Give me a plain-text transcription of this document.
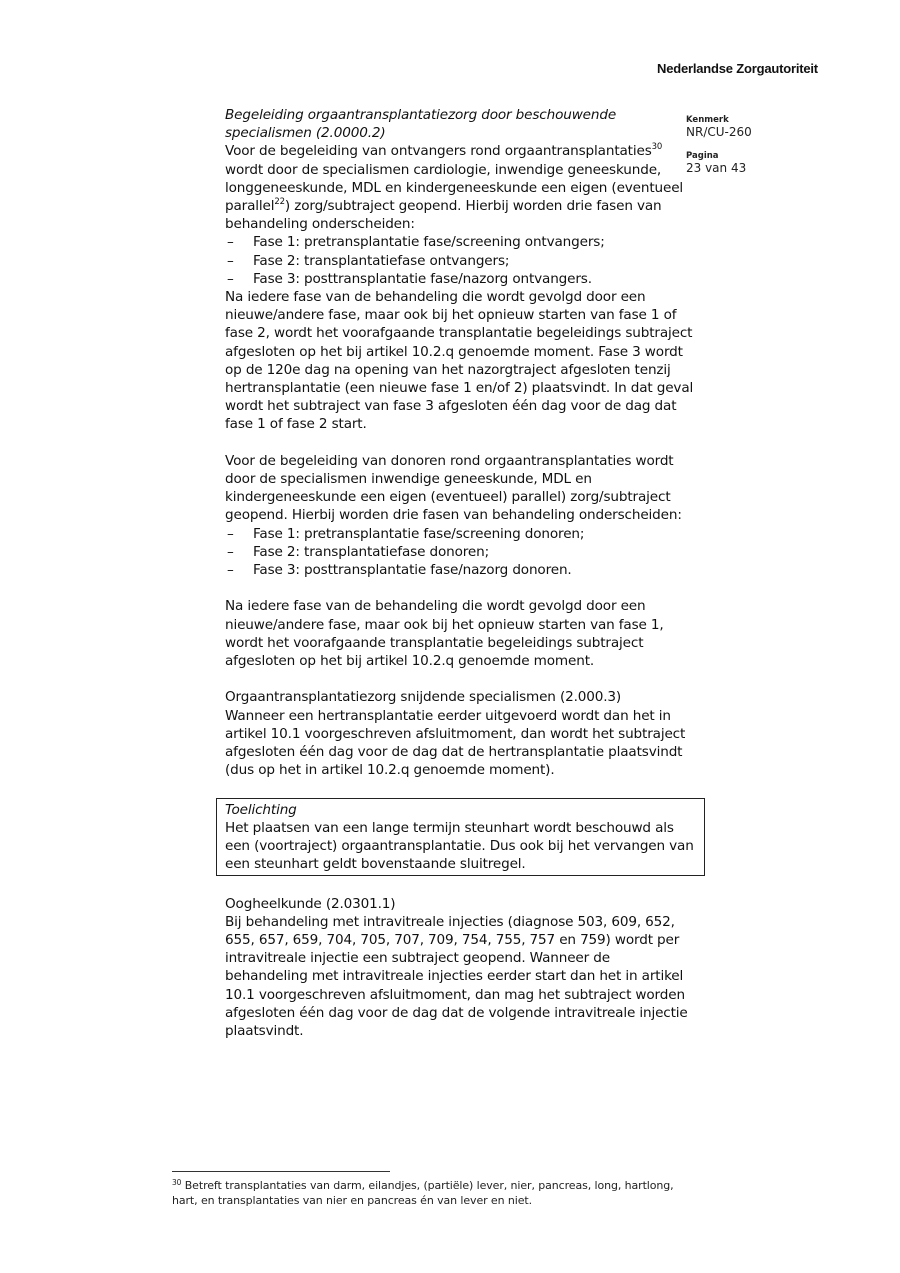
Nederlandse Zorgautoriteit
Kenmerk
NR/CU-260
Pagina
23 van 43

Begeleiding orgaantransplantatiezorg door beschouwende
specialismen (2.0000.2)

Voor de begeleiding van ontvangers rond orgaantransplantaties$^{30}$ wordt door de specialismen cardiologie, inwendige geneeskunde, longgeneeskunde, MDL en kindergeneeskunde een eigen (eventueel parallel$^{22}$) zorg/subtraject geopend. Hierbij worden drie fasen van behandeling onderscheiden:

– Fase 1: pretransplantatie fase/screening ontvangers;
– Fase 2: transplantatiefase ontvangers;
– Fase 3: posttransplantatie fase/nazorg ontvangers.

Na iedere fase van de behandeling die wordt gevolgd door een nieuwe/andere fase, maar ook bij het opnieuw starten van fase 1 of fase 2, wordt het voorafgaande transplantatie begeleidings subtraject afgesloten op het bij artikel 10.2.q genoemde moment. Fase 3 wordt op de 120e dag na opening van het nazorgtraject afgesloten tenzij hertransplantatie (een nieuwe fase 1 en/of 2) plaatsvindt. In dat geval wordt het subtraject van fase 3 afgesloten één dag voor de dag dat fase 1 of fase 2 start.

Voor de begeleiding van donoren rond orgaantransplantaties wordt door de specialismen inwendige geneeskunde, MDL en kindergeneeskunde een eigen (eventueel) parallel) zorg/subtraject geopend. Hierbij worden drie fasen van behandeling onderscheiden:

– Fase 1: pretransplantatie fase/screening donoren;
– Fase 2: transplantatiefase donoren;
– Fase 3: posttransplantatie fase/nazorg donoren.

Na iedere fase van de behandeling die wordt gevolgd door een nieuwe/andere fase, maar ook bij het opnieuw starten van fase 1, wordt het voorafgaande transplantatie begeleidings subtraject afgesloten op het bij artikel 10.2.q genoemde moment.

Orgaantransplantatiezorg snijdende specialismen (2.000.3)

Wanneer een hertransplantatie eerder uitgevoerd wordt dan het in artikel 10.1 voorgeschreven afsluitmoment, dan wordt het subtraject afgesloten één dag voor de dag dat de hertransplantatie plaatsvindt (dus op het in artikel 10.2.q genoemde moment).

Toelichting

Het plaatsen van een lange termijn steunhart wordt beschouwd als een (voortraject) orgaantransplantatie. Dus ook bij het vervangen van een steunhart geldt bovenstaande sluitregel.

Oogheelkunde (2.0301.1)

Bij behandeling met intravitreale injecties (diagnose 503, 609, 652, 655, 657, 659, 704, 705, 707, 709, 754, 755, 757 en 759) wordt per intravitreale injectie een subtraject geopend. Wanneer de behandeling met intravitreale injecties eerder start dan het in artikel 10.1 voorgeschreven afsluitmoment, dan mag het subtraject worden afgesloten één dag voor de dag dat de volgende intravitreale injectie plaatsvindt.

$^{30}$ Betreft transplantaties van darm, eilandjes, (partiële) lever, nier, pancreas, long, hartlong, hart, en transplantaties van nier en pancreas én van lever en niet.
